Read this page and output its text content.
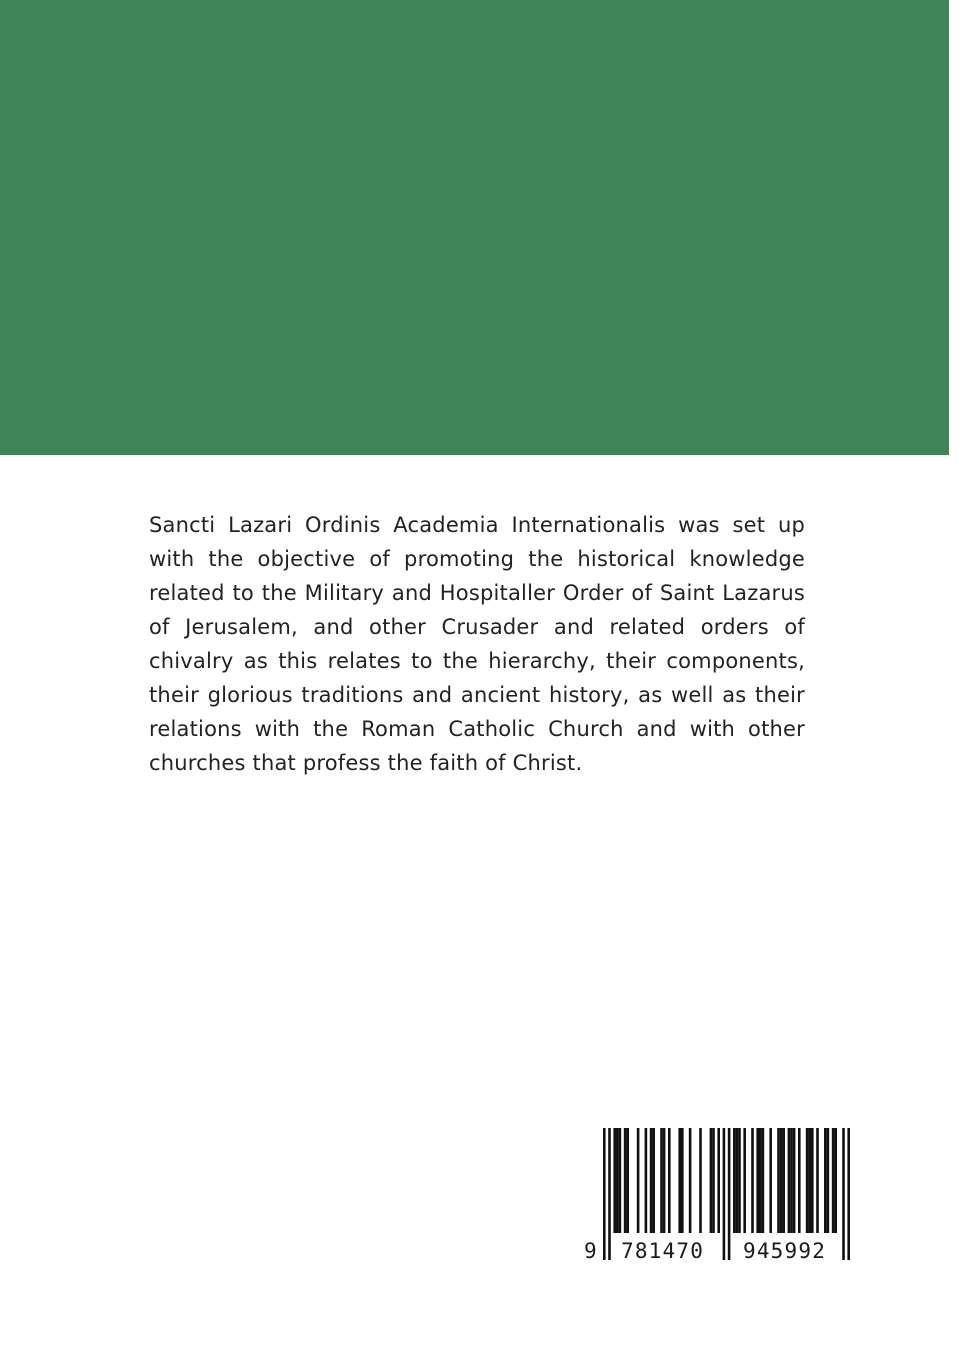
Sancti Lazari Ordinis Academia Internationalis was set up with the objective of promoting the historical knowledge related to the Military and Hospitaller Order of Saint Lazarus of Jerusalem, and other Crusader and related orders of chivalry as this relates to the hierarchy, their components, their glorious traditions and ancient history, as well as their relations with the Roman Catholic Church and with other churches that profess the faith of Christ.

9 781470 945992
